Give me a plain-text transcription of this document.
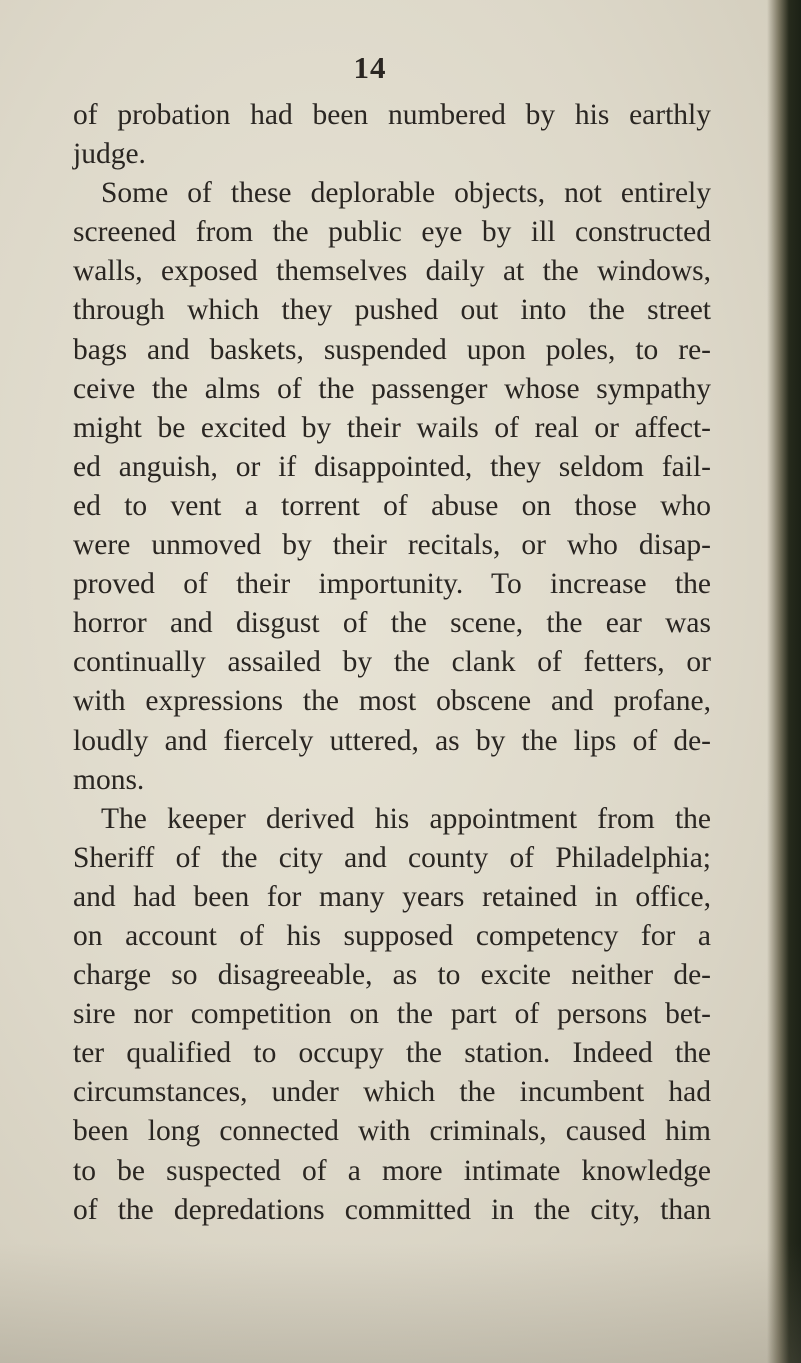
14
of probation had been numbered by his earthly
judge.
Some of these deplorable objects, not entirely
screened from the public eye by ill constructed
walls, exposed themselves daily at the windows,
through which they pushed out into the street
bags and baskets, suspended upon poles, to re-
ceive the alms of the passenger whose sympathy
might be excited by their wails of real or affect-
ed anguish, or if disappointed, they seldom fail-
ed to vent a torrent of abuse on those who
were unmoved by their recitals, or who disap-
proved of their importunity. To increase the
horror and disgust of the scene, the ear was
continually assailed by the clank of fetters, or
with expressions the most obscene and profane,
loudly and fiercely uttered, as by the lips of de-
mons.
The keeper derived his appointment from the
Sheriff of the city and county of Philadelphia;
and had been for many years retained in office,
on account of his supposed competency for a
charge so disagreeable, as to excite neither de-
sire nor competition on the part of persons bet-
ter qualified to occupy the station. Indeed the
circumstances, under which the incumbent had
been long connected with criminals, caused him
to be suspected of a more intimate knowledge
of the depredations committed in the city, than
